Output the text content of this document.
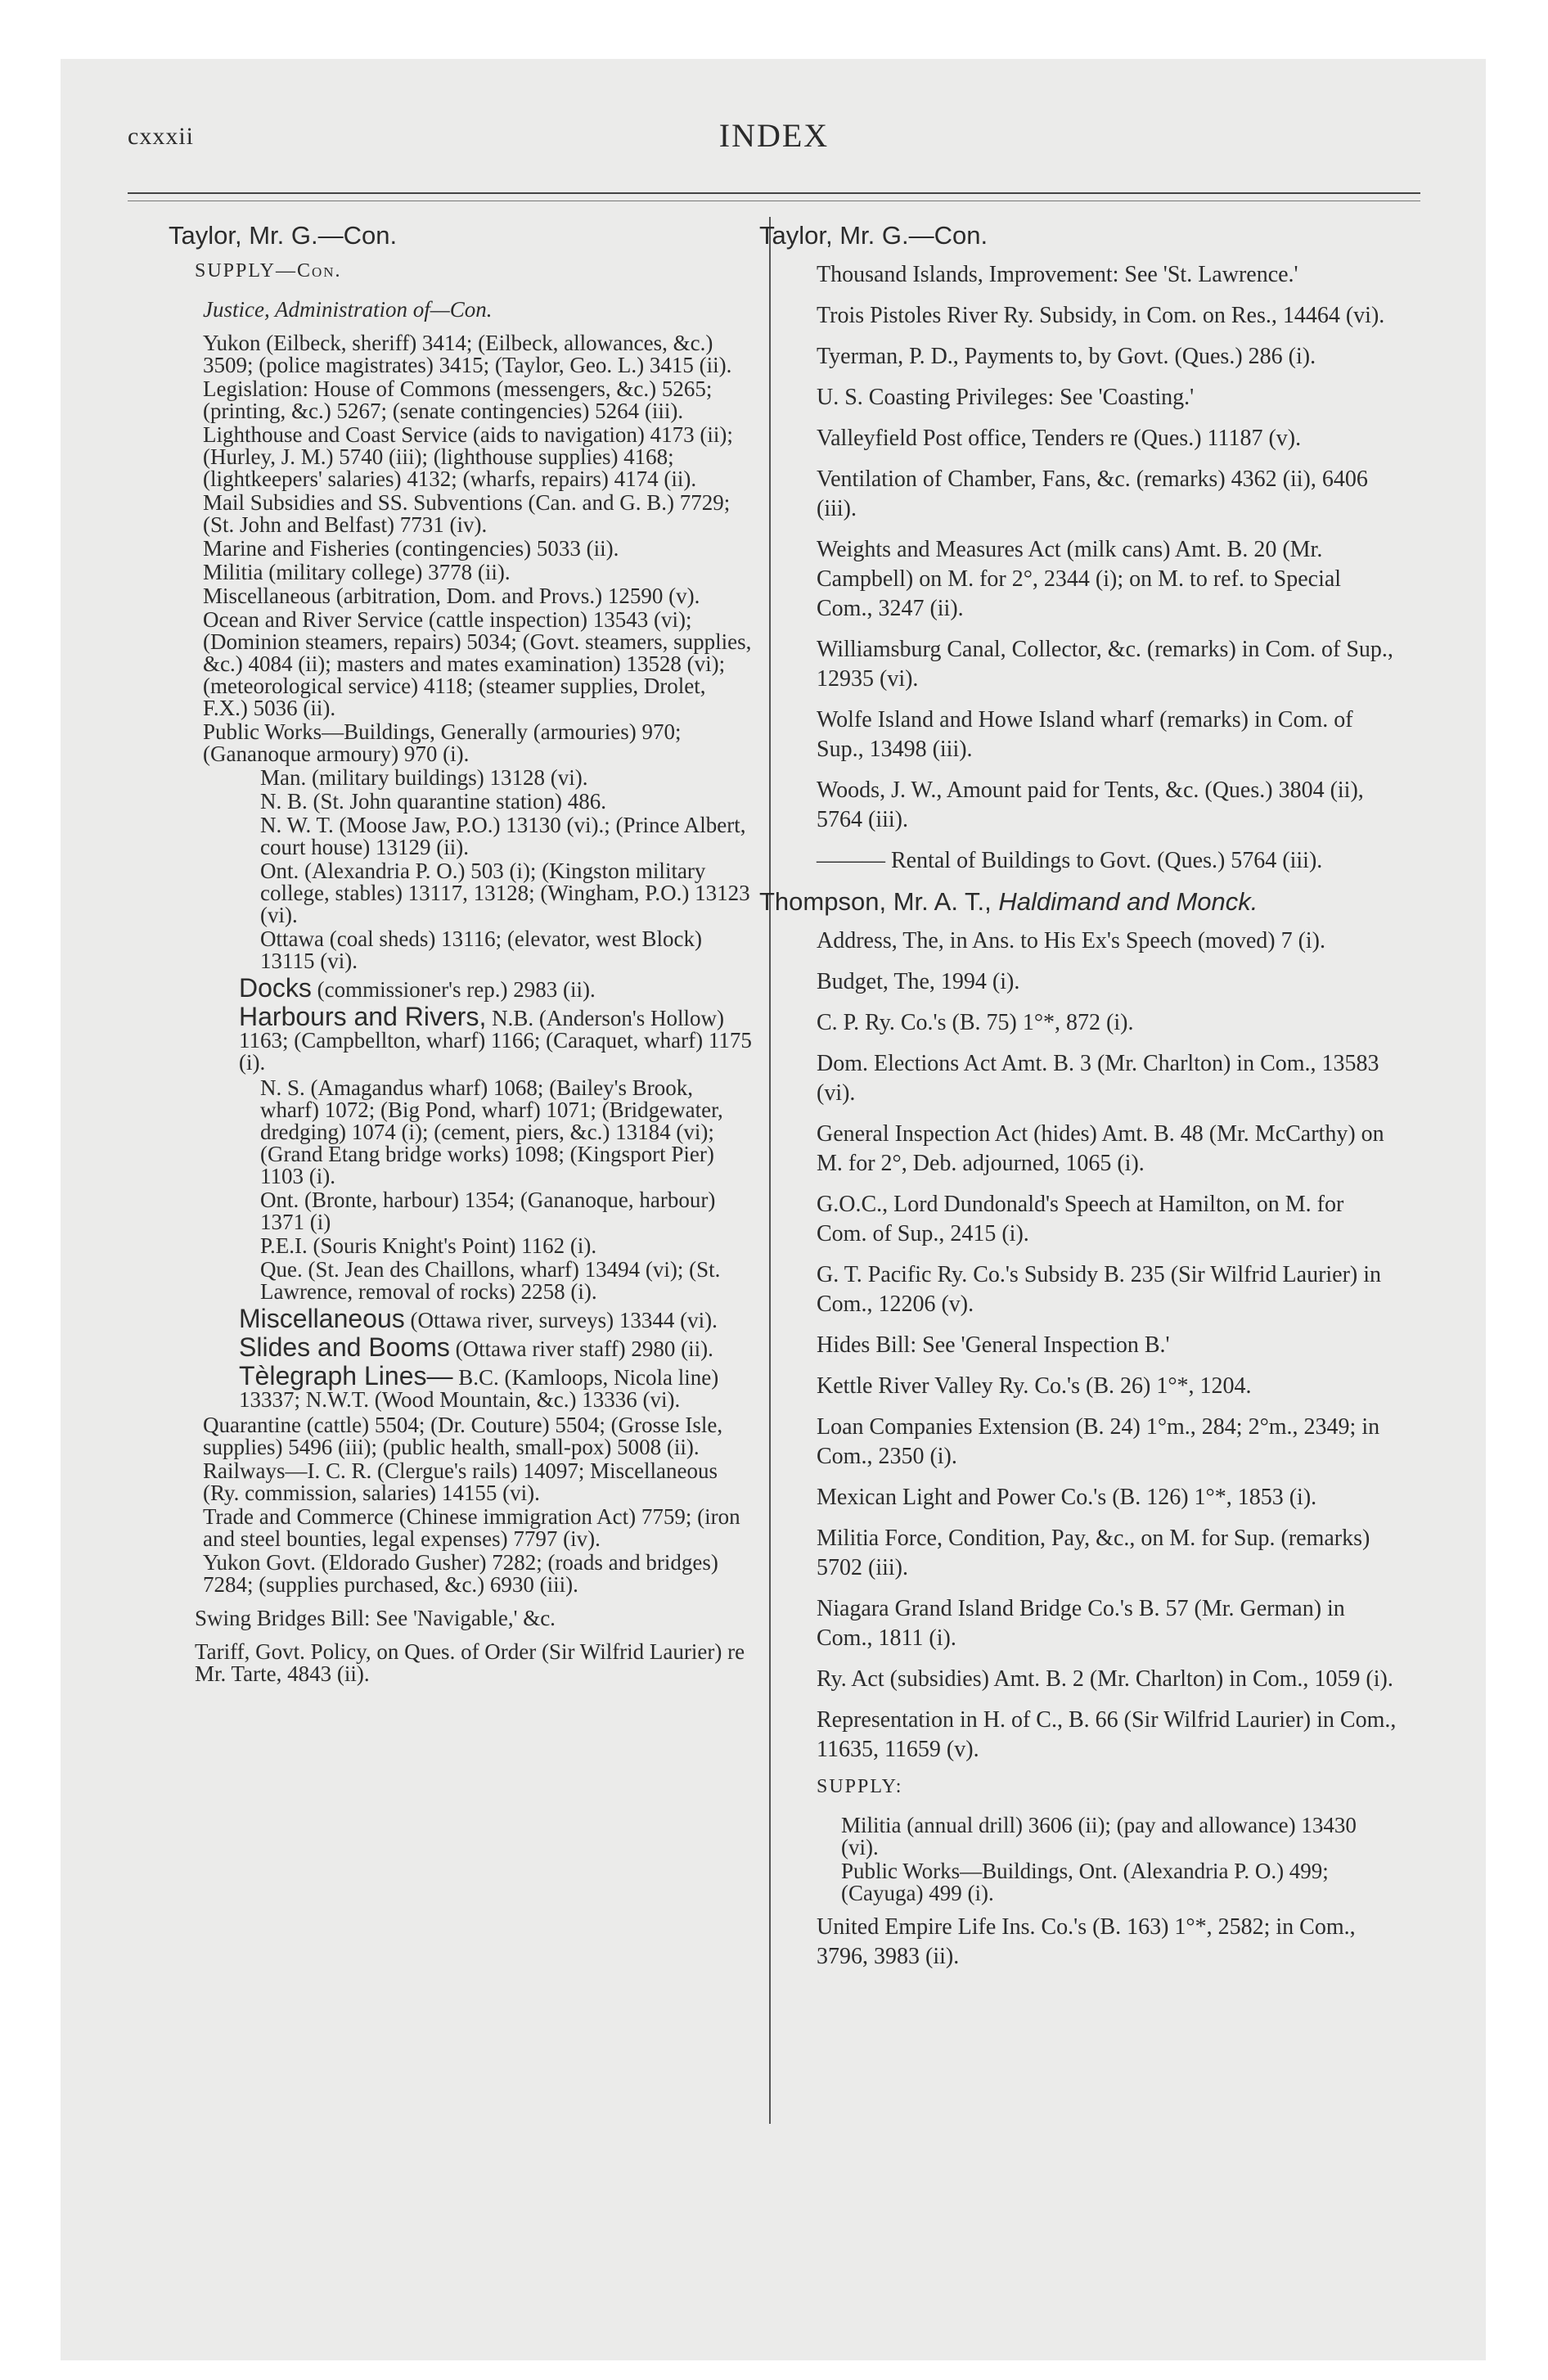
cxxxii	INDEX
Taylor, Mr. G.—Con.
SUPPLY—Con.
Justice, Administration of—Con.
Yukon (Eilbeck, sheriff) 3414; (Eilbeck, allowances, &c.) 3509; (police magistrates) 3415; (Taylor, Geo. L.) 3415 (ii).
Legislation: House of Commons (messengers, &c.) 5265; (printing, &c.) 5267; (senate contingencies) 5264 (iii).
Lighthouse and Coast Service (aids to navigation) 4173 (ii); (Hurley, J. M.) 5740 (iii); (lighthouse supplies) 4168; (lightkeepers' salaries) 4132; (wharfs, repairs) 4174 (ii).
Mail Subsidies and SS. Subventions (Can. and G. B.) 7729; (St. John and Belfast) 7731 (iv).
Marine and Fisheries (contingencies) 5033 (ii).
Militia (military college) 3778 (ii).
Miscellaneous (arbitration, Dom. and Provs.) 12590 (v).
Ocean and River Service (cattle inspection) 13543 (vi); (Dominion steamers, repairs) 5034; (Govt. steamers, supplies, &c.) 4084 (ii); masters and mates examination) 13528 (vi); (meteorological service) 4118; (steamer supplies, Drolet, F.X.) 5036 (ii).
Public Works—Buildings, Generally (armouries) 970; (Gananoque armoury) 970 (i).
Man. (military buildings) 13128 (vi).
N. B. (St. John quarantine station) 486.
N. W. T. (Moose Jaw, P.O.) 13130 (vi).; (Prince Albert, court house) 13129 (ii).
Ont. (Alexandria P. O.) 503 (i); (Kingston military college, stables) 13117, 13128; (Wingham, P.O.) 13123 (vi).
Ottawa (coal sheds) 13116; (elevator, west Block) 13115 (vi).
Docks (commissioner's rep.) 2983 (ii).
Harbours and Rivers, N.B. (Anderson's Hollow) 1163; (Campbellton, wharf) 1166; (Caraquet, wharf) 1175 (i).
N. S. (Amagandus wharf) 1068; (Bailey's Brook, wharf) 1072; (Big Pond, wharf) 1071; (Bridgewater, dredging) 1074 (i); (cement, piers, &c.) 13184 (vi); (Grand Etang bridge works) 1098; (Kingsport Pier) 1103 (i).
Ont. (Bronte, harbour) 1354; (Gananoque, harbour) 1371 (i)
P.E.I. (Souris Knight's Point) 1162 (i).
Que. (St. Jean des Chaillons, wharf) 13494 (vi); (St. Lawrence, removal of rocks) 2258 (i).
Miscellaneous (Ottawa river, surveys) 13344 (vi).
Slides and Booms (Ottawa river staff) 2980 (ii).
Tèlegraph Lines— B.C. (Kamloops, Nicola line) 13337; N.W.T. (Wood Mountain, &c.) 13336 (vi).
Quarantine (cattle) 5504; (Dr. Couture) 5504; (Grosse Isle, supplies) 5496 (iii); (public health, small-pox) 5008 (ii).
Railways—I. C. R. (Clergue's rails) 14097; Miscellaneous (Ry. commission, salaries) 14155 (vi).
Trade and Commerce (Chinese immigration Act) 7759; (iron and steel bounties, legal expenses) 7797 (iv).
Yukon Govt. (Eldorado Gusher) 7282; (roads and bridges) 7284; (supplies purchased, &c.) 6930 (iii).
Swing Bridges Bill: See 'Navigable,' &c.
Tariff, Govt. Policy, on Ques. of Order (Sir Wilfrid Laurier) re Mr. Tarte, 4843 (ii).
Taylor, Mr. G.—Con.
Thousand Islands, Improvement: See 'St. Lawrence.'
Trois Pistoles River Ry. Subsidy, in Com. on Res., 14464 (vi).
Tyerman, P. D., Payments to, by Govt. (Ques.) 286 (i).
U. S. Coasting Privileges: See 'Coasting.'
Valleyfield Post office, Tenders re (Ques.) 11187 (v).
Ventilation of Chamber, Fans, &c. (remarks) 4362 (ii), 6406 (iii).
Weights and Measures Act (milk cans) Amt. B. 20 (Mr. Campbell) on M. for 2°, 2344 (i); on M. to ref. to Special Com., 3247 (ii).
Williamsburg Canal, Collector, &c. (remarks) in Com. of Sup., 12935 (vi).
Wolfe Island and Howe Island wharf (remarks) in Com. of Sup., 13498 (iii).
Woods, J. W., Amount paid for Tents, &c. (Ques.) 3804 (ii), 5764 (iii).
——— Rental of Buildings to Govt. (Ques.) 5764 (iii).
Thompson, Mr. A. T., Haldimand and Monck.
Address, The, in Ans. to His Ex's Speech (moved) 7 (i).
Budget, The, 1994 (i).
C. P. Ry. Co.'s (B. 75) 1°*, 872 (i).
Dom. Elections Act Amt. B. 3 (Mr. Charlton) in Com., 13583 (vi).
General Inspection Act (hides) Amt. B. 48 (Mr. McCarthy) on M. for 2°, Deb. adjourned, 1065 (i).
G.O.C., Lord Dundonald's Speech at Hamilton, on M. for Com. of Sup., 2415 (i).
G. T. Pacific Ry. Co.'s Subsidy B. 235 (Sir Wilfrid Laurier) in Com., 12206 (v).
Hides Bill: See 'General Inspection B.'
Kettle River Valley Ry. Co.'s (B. 26) 1°*, 1204.
Loan Companies Extension (B. 24) 1°m., 284; 2°m., 2349; in Com., 2350 (i).
Mexican Light and Power Co.'s (B. 126) 1°*, 1853 (i).
Militia Force, Condition, Pay, &c., on M. for Sup. (remarks) 5702 (iii).
Niagara Grand Island Bridge Co.'s B. 57 (Mr. German) in Com., 1811 (i).
Ry. Act (subsidies) Amt. B. 2 (Mr. Charlton) in Com., 1059 (i).
Representation in H. of C., B. 66 (Sir Wilfrid Laurier) in Com., 11635, 11659 (v).
SUPPLY:
Militia (annual drill) 3606 (ii); (pay and allowance) 13430 (vi).
Public Works—Buildings, Ont. (Alexandria P. O.) 499; (Cayuga) 499 (i).
United Empire Life Ins. Co.'s (B. 163) 1°*, 2582; in Com., 3796, 3983 (ii).
